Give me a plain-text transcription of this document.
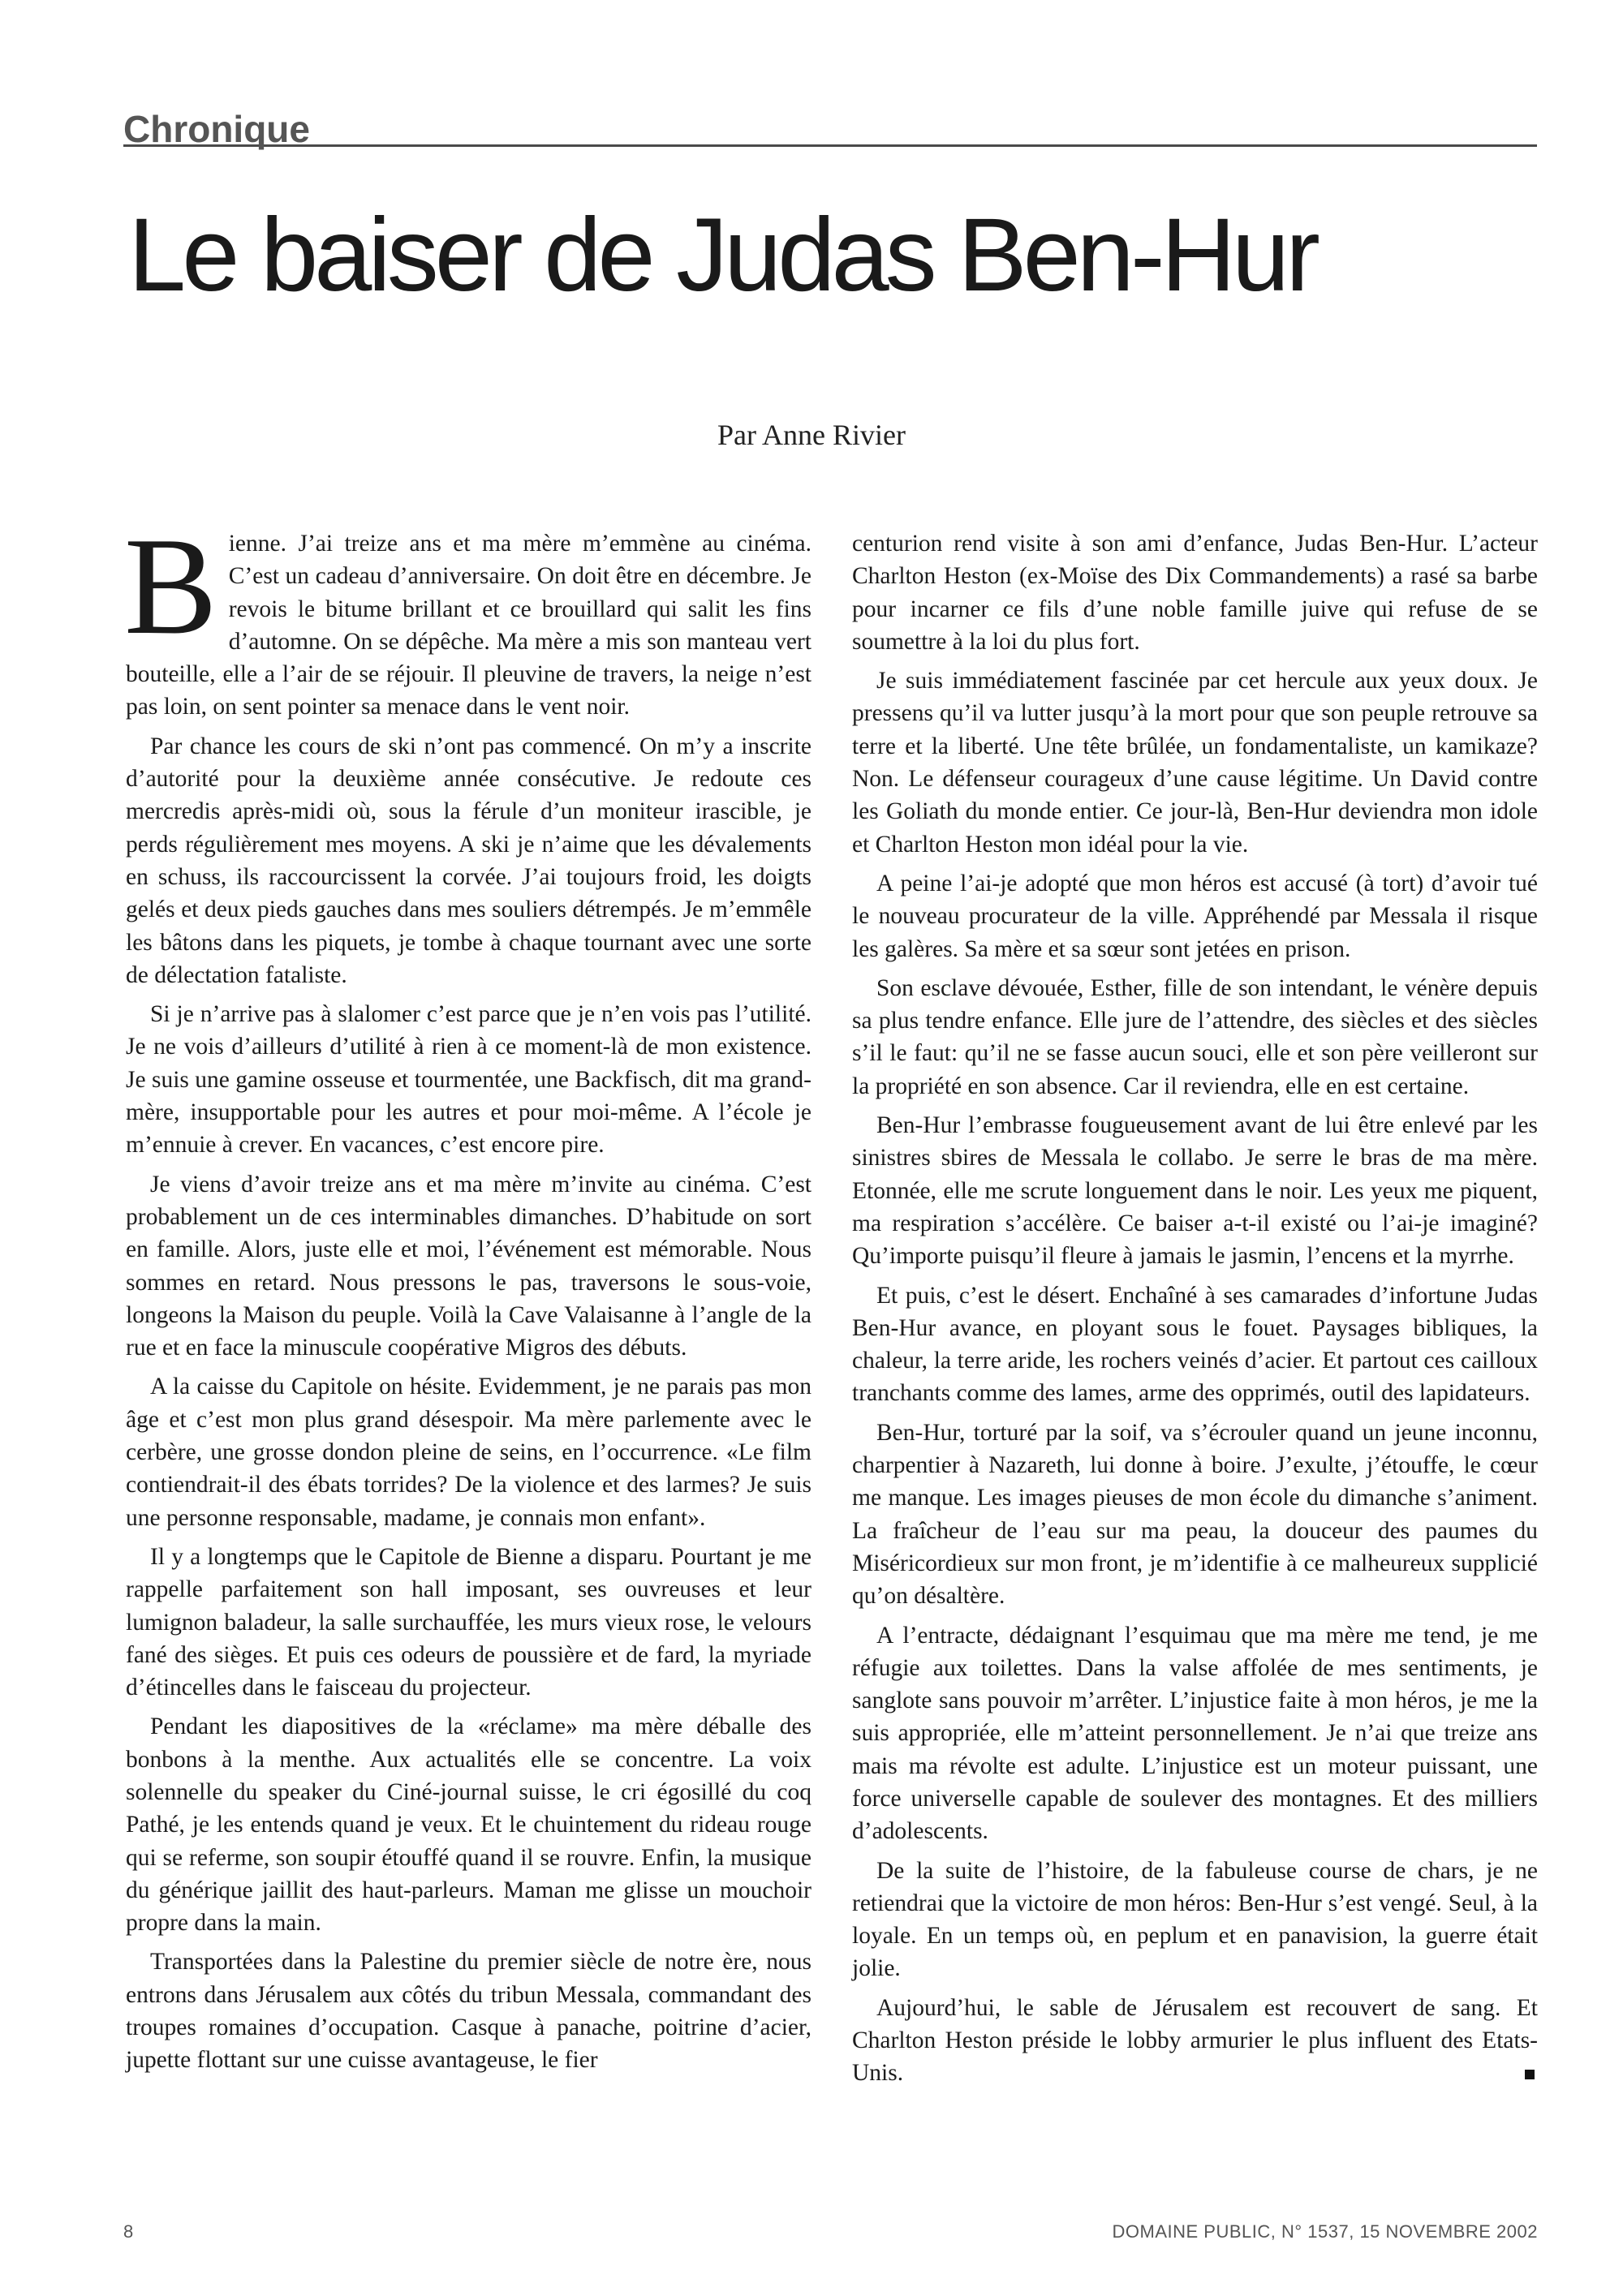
Chronique
Le baiser de Judas Ben-Hur
Par Anne Rivier

Bienne. J’ai treize ans et ma mère m’emmène au cinéma. C’est un cadeau d’anniversaire. On doit être en décembre. Je revois le bitume brillant et ce brouillard qui salit les fins d’automne. On se dépêche. Ma mère a mis son manteau vert bouteille, elle a l’air de se réjouir. Il pleuvine de travers, la neige n’est pas loin, on sent pointer sa menace dans le vent noir.

Par chance les cours de ski n’ont pas commencé. On m’y a inscrite d’autorité pour la deuxième année consécutive. Je redoute ces mercredis après-midi où, sous la férule d’un moniteur irascible, je perds régulièrement mes moyens. A ski je n’aime que les dévalements en schuss, ils raccourcissent la corvée. J’ai toujours froid, les doigts gelés et deux pieds gauches dans mes souliers détrempés. Je m’emmêle les bâtons dans les piquets, je tombe à chaque tournant avec une sorte de délectation fataliste.

Si je n’arrive pas à slalomer c’est parce que je n’en vois pas l’utilité. Je ne vois d’ailleurs d’utilité à rien à ce moment-là de mon existence. Je suis une gamine osseuse et tourmentée, une Backfisch, dit ma grand-mère, insupportable pour les autres et pour moi-même. A l’école je m’ennuie à crever. En vacances, c’est encore pire.

Je viens d’avoir treize ans et ma mère m’invite au cinéma. C’est probablement un de ces interminables dimanches. D’habitude on sort en famille. Alors, juste elle et moi, l’événement est mémorable. Nous sommes en retard. Nous pressons le pas, traversons le sous-voie, longeons la Maison du peuple. Voilà la Cave Valaisanne à l’angle de la rue et en face la minuscule coopérative Migros des débuts.

A la caisse du Capitole on hésite. Evidemment, je ne parais pas mon âge et c’est mon plus grand désespoir. Ma mère parlemente avec le cerbère, une grosse dondon pleine de seins, en l’occurrence. «Le film contiendrait-il des ébats torrides? De la violence et des larmes? Je suis une personne responsable, madame, je connais mon enfant».

Il y a longtemps que le Capitole de Bienne a disparu. Pourtant je me rappelle parfaitement son hall imposant, ses ouvreuses et leur lumignon baladeur, la salle surchauffée, les murs vieux rose, le velours fané des sièges. Et puis ces odeurs de poussière et de fard, la myriade d’étincelles dans le faisceau du projecteur.

Pendant les diapositives de la «réclame» ma mère déballe des bonbons à la menthe. Aux actualités elle se concentre. La voix solennelle du speaker du Ciné-journal suisse, le cri égosillé du coq Pathé, je les entends quand je veux. Et le chuintement du rideau rouge qui se referme, son soupir étouffé quand il se rouvre. Enfin, la musique du générique jaillit des haut-parleurs. Maman me glisse un mouchoir propre dans la main.

Transportées dans la Palestine du premier siècle de notre ère, nous entrons dans Jérusalem aux côtés du tribun Messala, commandant des troupes romaines d’occupation. Casque à panache, poitrine d’acier, jupette flottant sur une cuisse avantageuse, le fier

centurion rend visite à son ami d’enfance, Judas Ben-Hur. L’acteur Charlton Heston (ex-Moïse des Dix Commandements) a rasé sa barbe pour incarner ce fils d’une noble famille juive qui refuse de se soumettre à la loi du plus fort.

Je suis immédiatement fascinée par cet hercule aux yeux doux. Je pressens qu’il va lutter jusqu’à la mort pour que son peuple retrouve sa terre et la liberté. Une tête brûlée, un fondamentaliste, un kamikaze? Non. Le défenseur courageux d’une cause légitime. Un David contre les Goliath du monde entier. Ce jour-là, Ben-Hur deviendra mon idole et Charlton Heston mon idéal pour la vie.

A peine l’ai-je adopté que mon héros est accusé (à tort) d’avoir tué le nouveau procurateur de la ville. Appréhendé par Messala il risque les galères. Sa mère et sa sœur sont jetées en prison.

Son esclave dévouée, Esther, fille de son intendant, le vénère depuis sa plus tendre enfance. Elle jure de l’attendre, des siècles et des siècles s’il le faut: qu’il ne se fasse aucun souci, elle et son père veilleront sur la propriété en son absence. Car il reviendra, elle en est certaine.

Ben-Hur l’embrasse fougueusement avant de lui être enlevé par les sinistres sbires de Messala le collabo. Je serre le bras de ma mère. Etonnée, elle me scrute longuement dans le noir. Les yeux me piquent, ma respiration s’accélère. Ce baiser a-t-il existé ou l’ai-je imaginé? Qu’importe puisqu’il fleure à jamais le jasmin, l’encens et la myrrhe.

Et puis, c’est le désert. Enchaîné à ses camarades d’infortune Judas Ben-Hur avance, en ployant sous le fouet. Paysages bibliques, la chaleur, la terre aride, les rochers veinés d’acier. Et partout ces cailloux tranchants comme des lames, arme des opprimés, outil des lapidateurs.

Ben-Hur, torturé par la soif, va s’écrouler quand un jeune inconnu, charpentier à Nazareth, lui donne à boire. J’exulte, j’étouffe, le cœur me manque. Les images pieuses de mon école du dimanche s’animent. La fraîcheur de l’eau sur ma peau, la douceur des paumes du Miséricordieux sur mon front, je m’identifie à ce malheureux supplicié qu’on désaltère.

A l’entracte, dédaignant l’esquimau que ma mère me tend, je me réfugie aux toilettes. Dans la valse affolée de mes sentiments, je sanglote sans pouvoir m’arrêter. L’injustice faite à mon héros, je me la suis appropriée, elle m’atteint personnellement. Je n’ai que treize ans mais ma révolte est adulte. L’injustice est un moteur puissant, une force universelle capable de soulever des montagnes. Et des milliers d’adolescents.

De la suite de l’histoire, de la fabuleuse course de chars, je ne retiendrai que la victoire de mon héros: Ben-Hur s’est vengé. Seul, à la loyale. En un temps où, en peplum et en panavision, la guerre était jolie.

Aujourd’hui, le sable de Jérusalem est recouvert de sang. Et Charlton Heston préside le lobby armurier le plus influent des Etats-Unis.

8	DOMAINE PUBLIC, N° 1537, 15 NOVEMBRE 2002
